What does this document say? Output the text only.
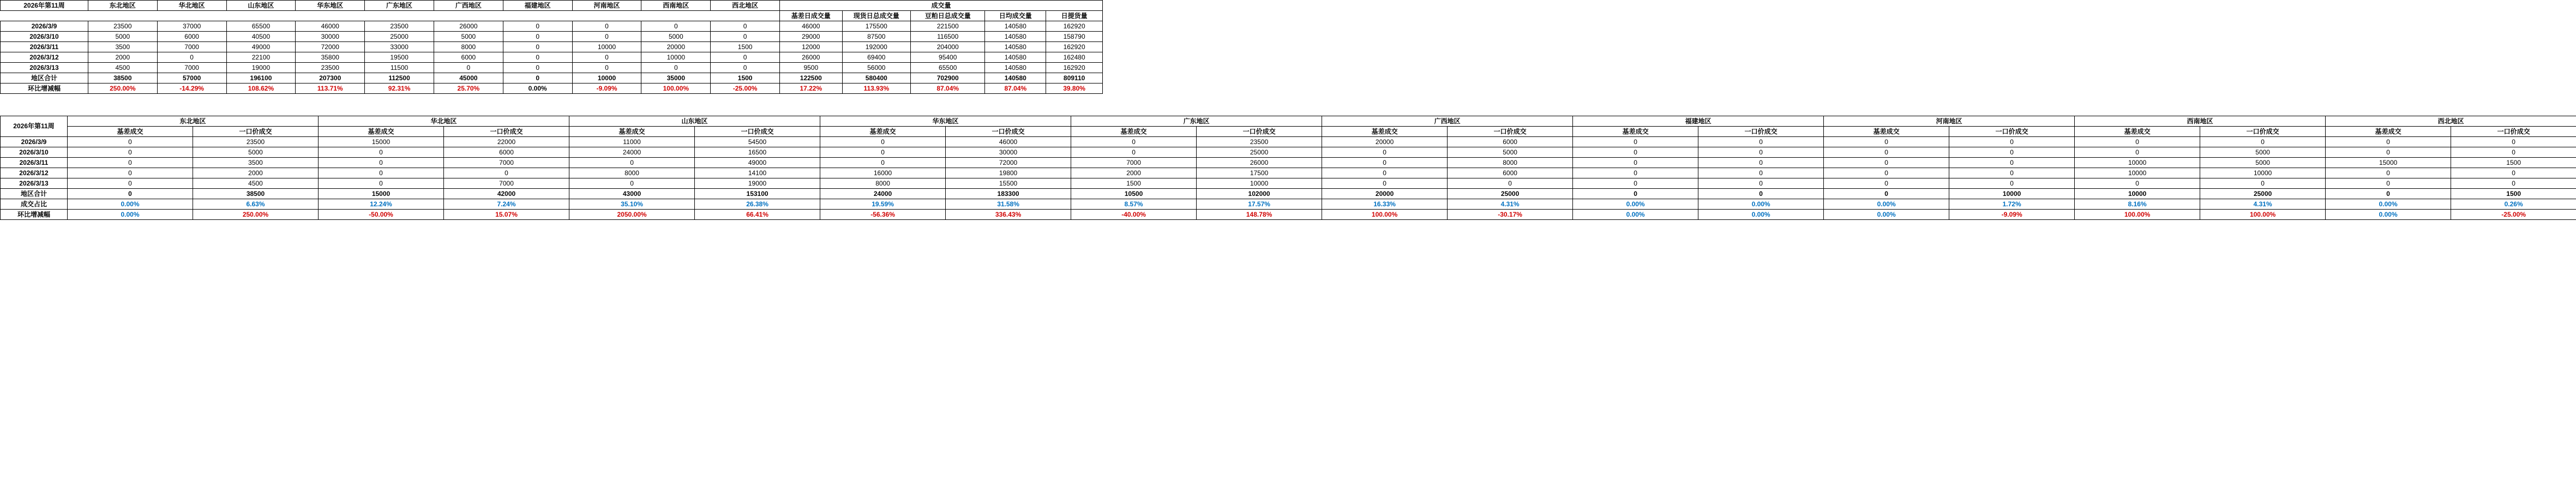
2026年第11周	东北地区	华北地区	山东地区	华东地区	广东地区	广西地区	福建地区	河南地区	西南地区	西北地区	成交量				
											基差日成交量	现货日总成交量	豆粕日总成交量	日均成交量	日提货量
2026/3/9	23500	37000	65500	46000	23500	26000	0	0	0	0	46000	175500	221500	140580	162920
2026/3/10	5000	6000	40500	30000	25000	5000	0	0	5000	0	29000	87500	116500	140580	158790
2026/3/11	3500	7000	49000	72000	33000	8000	0	10000	20000	1500	12000	192000	204000	140580	162920
2026/3/12	2000	0	22100	35800	19500	6000	0	0	10000	0	26000	69400	95400	140580	162480
2026/3/13	4500	7000	19000	23500	11500	0	0	0	0	0	9500	56000	65500	140580	162920
地区合计	38500	57000	196100	207300	112500	45000	0	10000	35000	1500	122500	580400	702900	140580	809110
环比增减幅	250.00%	-14.29%	108.62%	113.71%	92.31%	25.70%	0.00%	-9.09%	100.00%	-25.00%	17.22%	113.93%	87.04%	87.04%	39.80%
2026年第11周	东北地区		华北地区		山东地区		华东地区		广东地区		广西地区		福建地区		河南地区		西南地区		西北地区	
	基差成交	一口价成交	基差成交	一口价成交	基差成交	一口价成交	基差成交	一口价成交	基差成交	一口价成交	基差成交	一口价成交	基差成交	一口价成交	基差成交	一口价成交	基差成交	一口价成交	基差成交	一口价成交
2026/3/9	0	23500	15000	22000	11000	54500	0	46000	0	23500	20000	6000	0	0	0	0	0	0	0	0
2026/3/10	0	5000	0	6000	24000	16500	0	30000	0	25000	0	5000	0	0	0	0	0	5000	0	0
2026/3/11	0	3500	0	7000	0	49000	0	72000	7000	26000	0	8000	0	0	0	0	10000	5000	15000	1500
2026/3/12	0	2000	0	0	8000	14100	16000	19800	2000	17500	0	6000	0	0	0	0	10000	10000	0	0
2026/3/13	0	4500	0	7000	0	19000	8000	15500	1500	10000	0	0	0	0	0	0	0	0	0	0
地区合计	0	38500	15000	42000	43000	153100	24000	183300	10500	102000	20000	25000	0	0	0	10000	10000	25000	0	1500
成交占比	0.00%	6.63%	12.24%	7.24%	35.10%	26.38%	19.59%	31.58%	8.57%	17.57%	16.33%	4.31%	0.00%	0.00%	0.00%	1.72%	8.16%	4.31%	0.00%	0.26%
环比增减幅	0.00%	250.00%	-50.00%	15.07%	2050.00%	66.41%	-56.36%	336.43%	-40.00%	148.78%	100.00%	-30.17%	0.00%	0.00%	0.00%	-9.09%	100.00%	100.00%	0.00%	-25.00%
